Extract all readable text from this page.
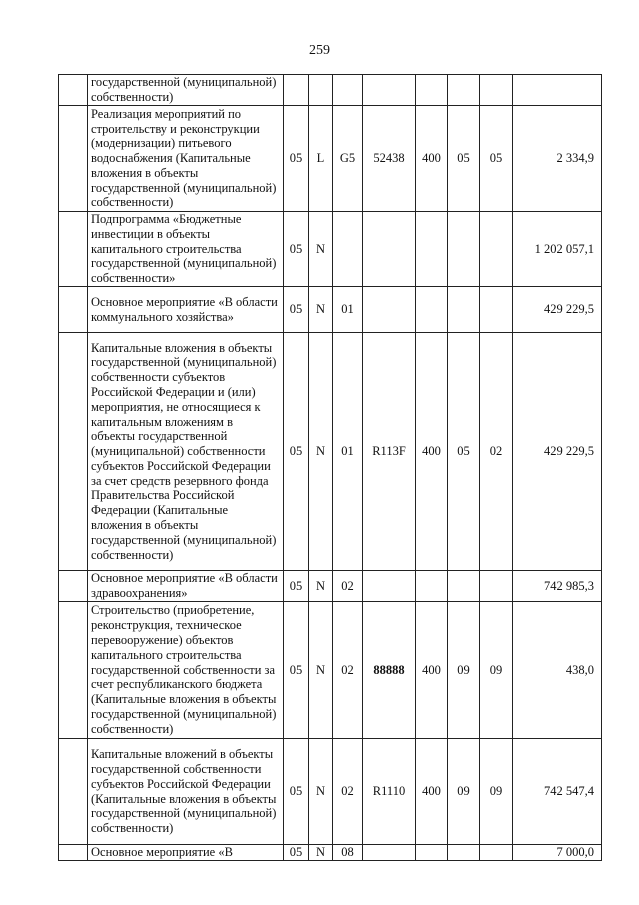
259
	государственной (муниципальной) собственности)								
	Реализация мероприятий по строительству и реконструкции (модернизации) питьевого водоснабжения (Капитальные вложения в объекты государственной (муниципальной) собственности)	05	L	G5	52438	400	05	05	2 334,9
	Подпрограмма «Бюджетные инвестиции в объекты капитального строительства государственной (муниципальной) собственности»	05	N						1 202 057,1
	Основное мероприятие «В области коммунального хозяйства»	05	N	01					429 229,5
	Капитальные вложения в объекты государственной (муниципальной) собственности субъектов Российской Федерации и (или) мероприятия, не относящиеся к капитальным вложениям в объекты государственной (муниципальной) собственности субъектов Российской Федерации за счет средств резервного фонда Правительства Российской Федерации (Капитальные вложения в объекты государственной (муниципальной) собственности)	05	N	01	R113F	400	05	02	429 229,5
	Основное мероприятие «В области здравоохранения»	05	N	02					742 985,3
	Строительство (приобретение, реконструкция, техническое перевооружение) объектов капитального строительства государственной собственности за счет республиканского бюджета (Капитальные вложения в объекты государственной (муниципальной) собственности)	05	N	02	88888	400	09	09	438,0
	Капитальные вложений в объекты государственной собственности субъектов Российской Федерации (Капитальные вложения в объекты государственной (муниципальной) собственности)	05	N	02	R1110	400	09	09	742 547,4
	Основное мероприятие «В	05	N	08					7 000,0
